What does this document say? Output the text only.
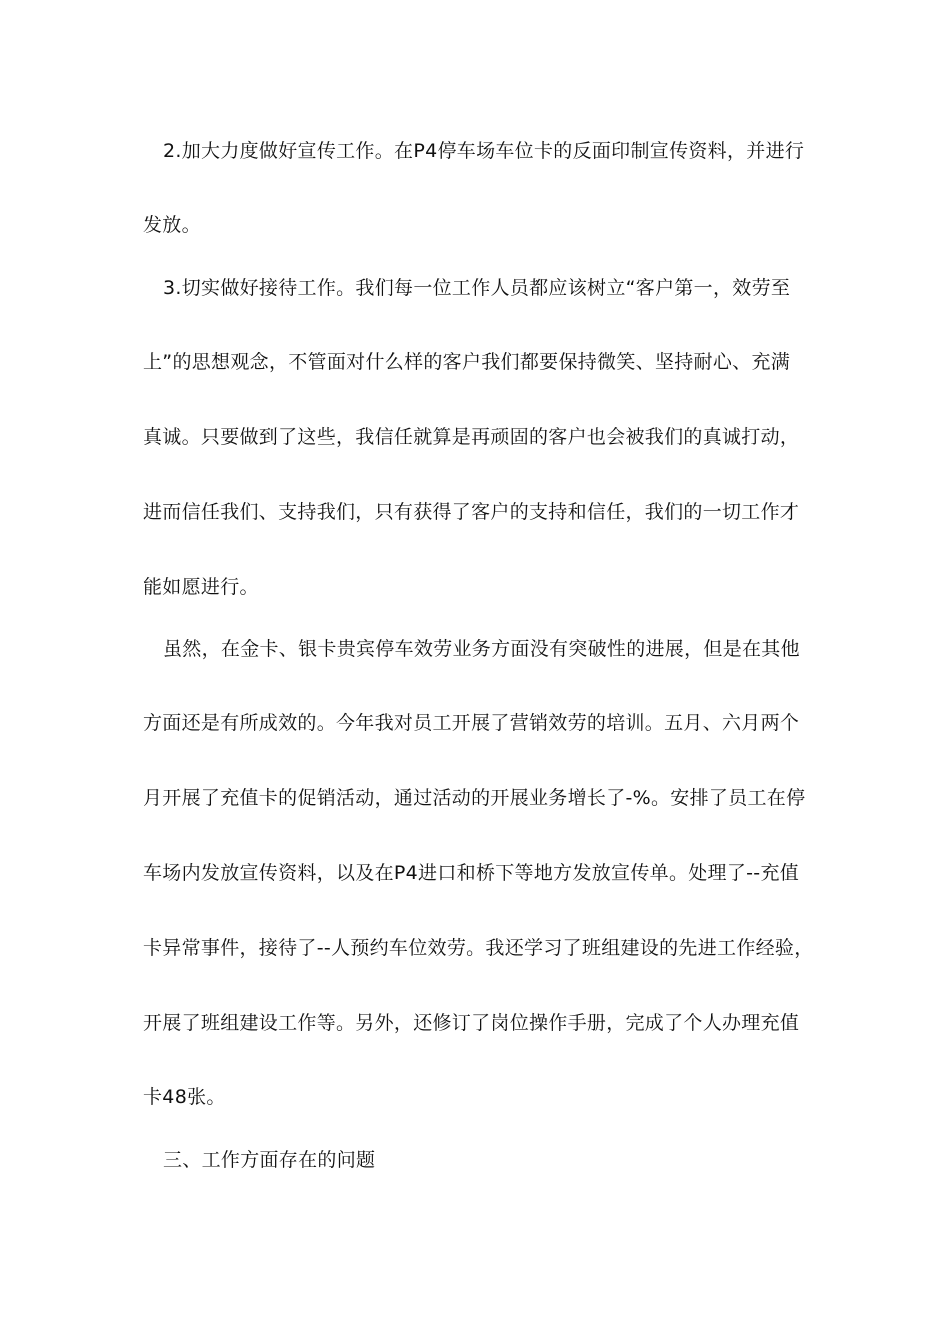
2.加大力度做好宣传工作。在P4停车场车位卡的反面印制宣传资料，并进行
发放。
3.切实做好接待工作。我们每一位工作人员都应该树立“客户第一，效劳至
上”的思想观念，不管面对什么样的客户我们都要保持微笑、坚持耐心、充满
真诚。只要做到了这些，我信任就算是再顽固的客户也会被我们的真诚打动，
进而信任我们、支持我们，只有获得了客户的支持和信任，我们的一切工作才
能如愿进行。
虽然，在金卡、银卡贵宾停车效劳业务方面没有突破性的进展，但是在其他
方面还是有所成效的。今年我对员工开展了营销效劳的培训。五月、六月两个
月开展了充值卡的促销活动，通过活动的开展业务增长了-%。安排了员工在停
车场内发放宣传资料，以及在P4进口和桥下等地方发放宣传单。处理了--充值
卡异常事件，接待了--人预约车位效劳。我还学习了班组建设的先进工作经验，
开展了班组建设工作等。另外，还修订了岗位操作手册，完成了个人办理充值
卡48张。
三、工作方面存在的问题
